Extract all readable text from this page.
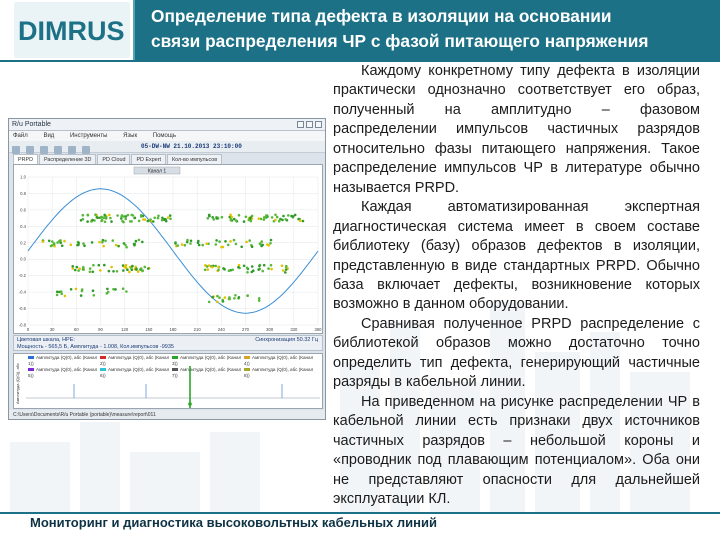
DIMRUS Определение типа дефекта в изоляции на основании
связи распределения ЧР с фазой питающего напряжения
R/u Portable
Файл	Вид	Инструменты	Язык	Помощь
05-DW-NW 21.10.2013 23:10:00
PRPD Распределение 3D PD Cloud PD Expert Кол-во импульсов
Канал 1
1.0
0.8
0.6
0.4
0.2
0.0
-0.2
-0.4
-0.6
-0.8
0	30	60	90	120	150	180	210	240	270	300	330	360
Цветовая шкала, НРЕ:
Мощность - 565,5 Б, Амплитуда - 1.008, Кол.импульсов -9935
Синхронизация 50.32 Гц
Амплитуда (Q(0), абс (Канал 1))Амплитуда (Q(0), абс (Канал 2))Амплитуда (Q(0), абс (Канал 3))Амплитуда (Q(0), абс (Канал 4))Амплитуда (Q(0), абс (Канал 5))Амплитуда (Q(0), абс (Канал 6))Амплитуда (Q(0), абс (Канал 7))Амплитуда (Q(0), абс (Канал 8))
Амплитуда (Q(0)), абс
C:\Users\Documents\R/u Portable (portable)\measure\report\011

Каждому конкретному типу дефекта в изоляции практически однозначно соответствует его образ, полученный на амплитудно – фазовом распределении импульсов частичных разрядов относительно фазы питающего напряжения. Такое распределение импульсов ЧР в литературе обычно называется PRPD.

Каждая автоматизированная экспертная диагностическая система имеет в своем составе библиотеку (базу) образов дефектов в изоляции, представленную в виде стандартных PRPD. Обычно база включает дефекты, возникновение которых возможно в данном оборудовании.

Сравнивая полученное PRPD распределение с библиотекой образов можно достаточно точно определить тип дефекта, генерирующий частичные разряды в кабельной линии.

На приведенном на рисунке распределении ЧР в кабельной линии есть признаки двух источников частичных разрядов – небольшой короны и «проводник под плавающим потенциалом». Оба они не представляют опасности для дальнейшей эксплуатации КЛ.

Мониторинг и диагностика высоковольтных кабельных линий
